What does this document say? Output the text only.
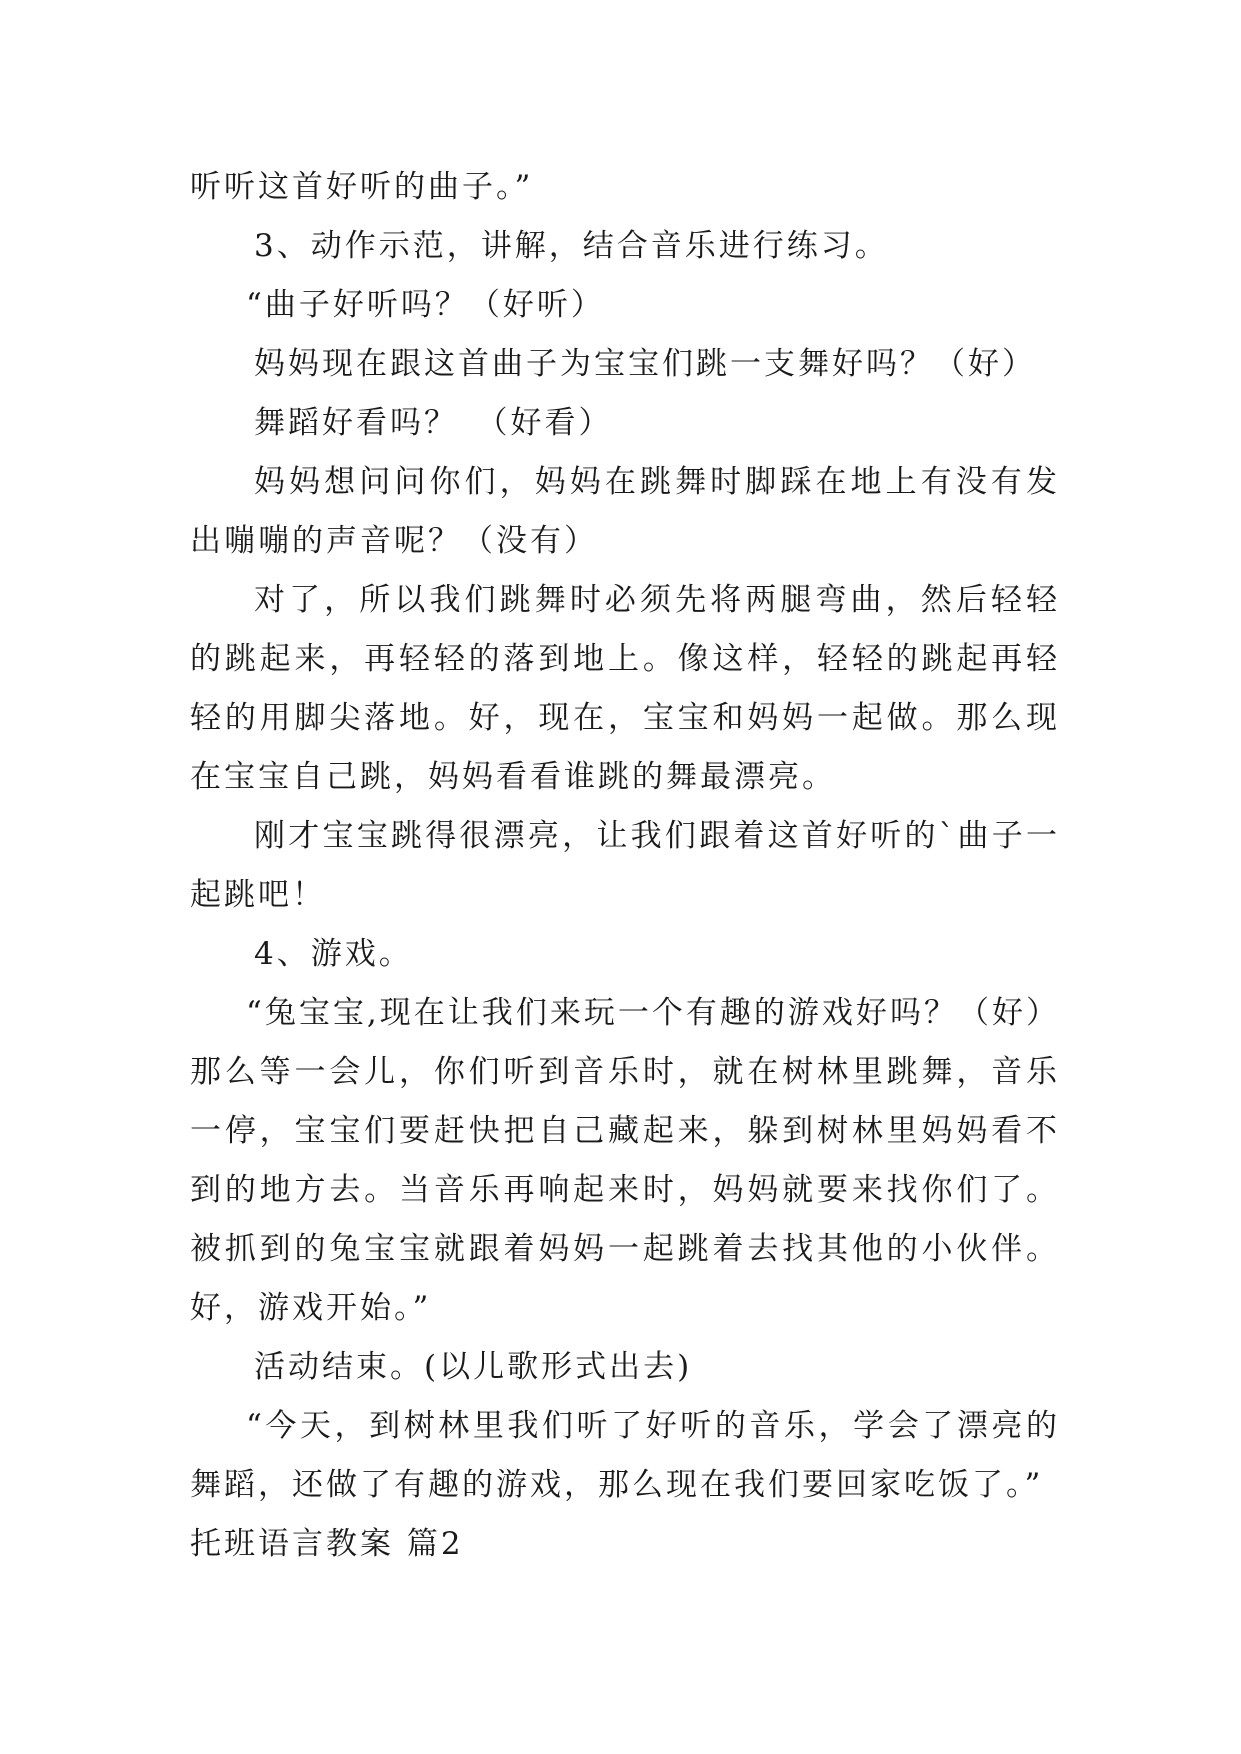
听听这首好听的曲子。”

3、动作示范，讲解，结合音乐进行练习。

“曲子好听吗？（好听）

妈妈现在跟这首曲子为宝宝们跳一支舞好吗？（好）

舞蹈好看吗？　（好看）

妈妈想问问你们，妈妈在跳舞时脚踩在地上有没有发出嘣嘣的声音呢？（没有）

对了，所以我们跳舞时必须先将两腿弯曲，然后轻轻的跳起来，再轻轻的落到地上。像这样，轻轻的跳起再轻轻的用脚尖落地。好，现在，宝宝和妈妈一起做。那么现在宝宝自己跳，妈妈看看谁跳的舞最漂亮。

刚才宝宝跳得很漂亮，让我们跟着这首好听的`曲子一起跳吧！

4、游戏。

“兔宝宝,现在让我们来玩一个有趣的游戏好吗？（好）那么等一会儿，你们听到音乐时，就在树林里跳舞，音乐一停，宝宝们要赶快把自己藏起来，躲到树林里妈妈看不到的地方去。当音乐再响起来时，妈妈就要来找你们了。被抓到的兔宝宝就跟着妈妈一起跳着去找其他的小伙伴。好，游戏开始。”

活动结束。(以儿歌形式出去)

“今天，到树林里我们听了好听的音乐，学会了漂亮的舞蹈，还做了有趣的游戏，那么现在我们要回家吃饭了。”

托班语言教案 篇2
